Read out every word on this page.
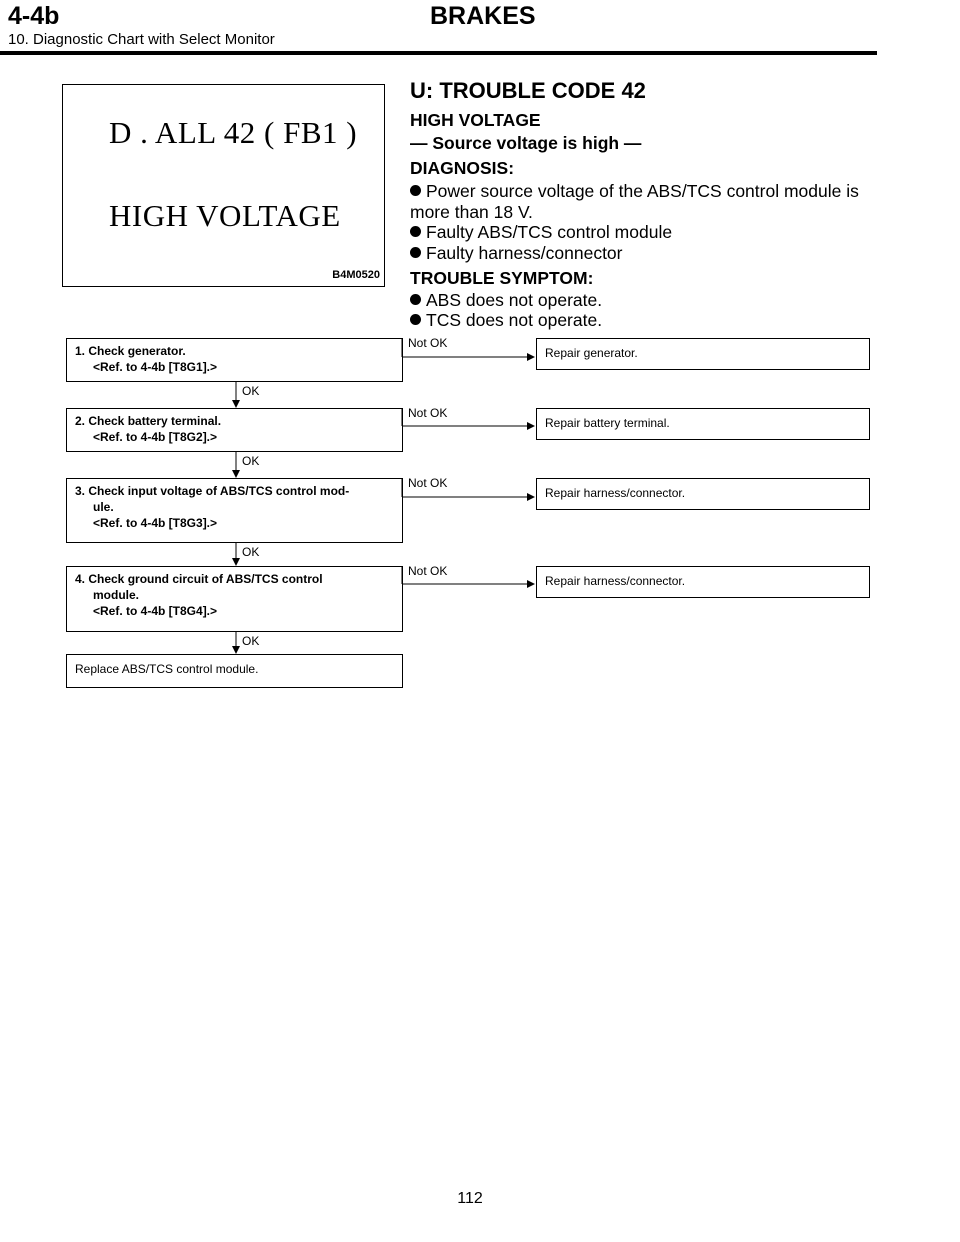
4-4b	BRAKES
10. Diagnostic Chart with Select Monitor
D . ALL 42 ( FB1 )
HIGH VOLTAGE
B4M0520
U: TROUBLE CODE 42
HIGH VOLTAGE
— Source voltage is high —
DIAGNOSIS:
Power source voltage of the ABS/TCS control module is more than 18 V.
Faulty ABS/TCS control module
Faulty harness/connector
TROUBLE SYMPTOM:
ABS does not operate.
TCS does not operate.
1. Check generator.
<Ref. to 4-4b [T8G1].>
Not OK
Repair generator.
OK
2. Check battery terminal.
<Ref. to 4-4b [T8G2].>
Not OK
Repair battery terminal.
OK
3. Check input voltage of ABS/TCS control mod-
ule.
<Ref. to 4-4b [T8G3].>
Not OK
Repair harness/connector.
OK
4. Check ground circuit of ABS/TCS control
module.
<Ref. to 4-4b [T8G4].>
Not OK
Repair harness/connector.
OK
Replace ABS/TCS control module.
112
